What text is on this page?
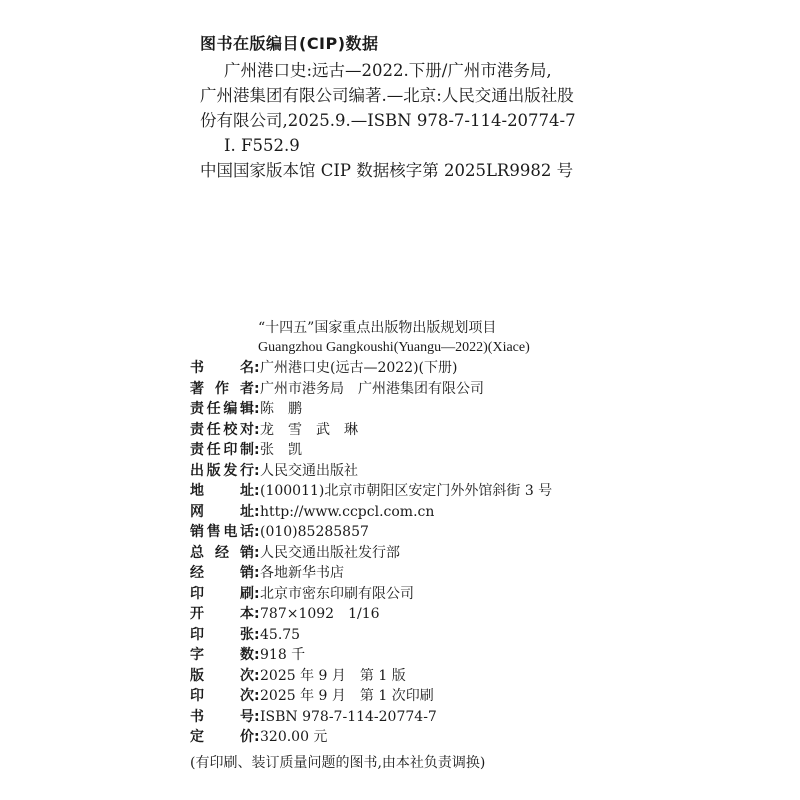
图书在版编目(CIP)数据
广州港口史:远古—2022.下册/广州市港务局,
广州港集团有限公司编著.—北京:人民交通出版社股
份有限公司,2025.9.—ISBN 978-7-114-20774-7
Ⅰ. F552.9
中国国家版本馆 CIP 数据核字第 2025LR9982 号
“十四五”国家重点出版物出版规划项目
Guangzhou Gangkoushi(Yuangu—2022)(Xiace)
书	名 : 广州港口史(远古—2022)(下册)
著 作 者 : 广州市港务局　广州港集团有限公司
责 任 编 辑 : 陈　鹏
责 任 校 对 : 龙　雪　武　琳
责 任 印 制 : 张　凯
出 版 发 行 : 人民交通出版社
地	址 : (100011)北京市朝阳区安定门外外馆斜街 3 号
网	址 : http://www.ccpcl.com.cn
销 售 电 话 : (010)85285857
总 经 销 : 人民交通出版社发行部
经	销 : 各地新华书店
印	刷 : 北京市密东印刷有限公司
开	本 : 787×1092　1/16
印	张 : 45.75
字	数 : 918 千
版	次 : 2025 年 9 月　第 1 版
印	次 : 2025 年 9 月　第 1 次印刷
书	号 : ISBN 978-7-114-20774-7
定	价 : 320.00 元
(有印刷、装订质量问题的图书,由本社负责调换)
